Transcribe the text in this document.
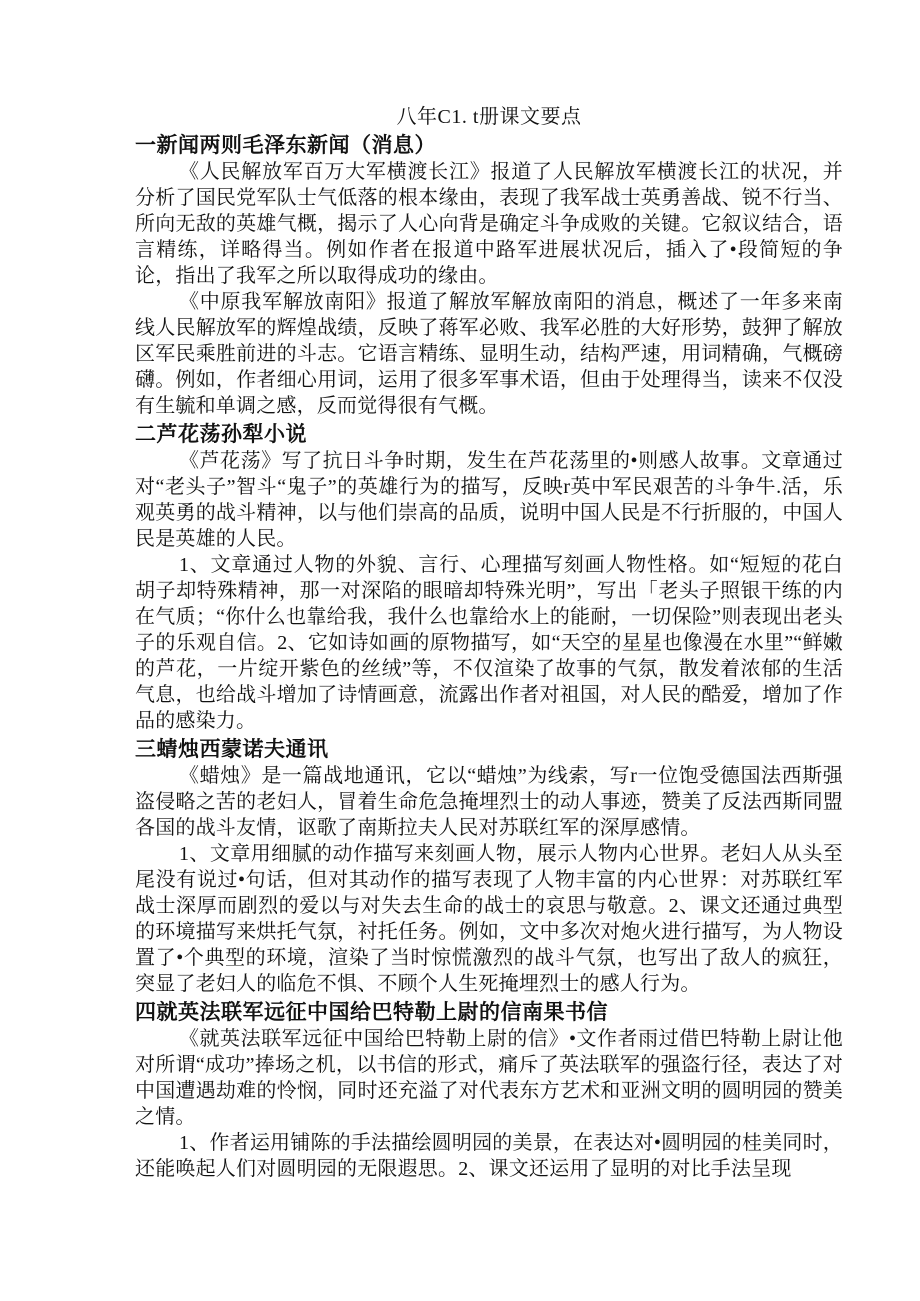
八年C1. t册课文要点
一新闻两则毛泽东新闻（消息）

《人民解放军百万大军横渡长江》报道了人民解放军横渡长江的状况，并分析了国民党军队士气低落的根本缘由，表现了我军战士英勇善战、锐不行当、所向无敌的英雄气概，揭示了人心向背是确定斗争成败的关键。它叙议结合，语言精练，详略得当。例如作者在报道中路军进展状况后，插入了•段简短的争论，指出了我军之所以取得成功的缘由。

《中原我军解放南阳》报道了解放军解放南阳的消息，概述了一年多来南线人民解放军的辉煌战绩，反映了蒋军必败、我军必胜的大好形势，鼓狎了解放区军民乘胜前进的斗志。它语言精练、显明生动，结构严速，用词精确，气概磅礴。例如，作者细心用词，运用了很多军事术语，但由于处理得当，读来不仅没有生毓和单调之感，反而觉得很有气概。

二芦花荡孙犁小说

《芦花荡》写了抗日斗争时期，发生在芦花荡里的•则感人故事。文章通过对“老头子”智斗“鬼子”的英雄行为的描写，反映r英中军民艰苦的斗争牛.活，乐观英勇的战斗精神，以与他们崇高的品质，说明中国人民是不行折服的，中国人民是英雄的人民。

1、文章通过人物的外貌、言行、心理描写刻画人物性格。如“短短的花白胡子却特殊精神，那一对深陷的眼暗却特殊光明”，写出「老头子照银干练的内在气质；“你什么也靠给我，我什么也靠给水上的能耐，一切保险”则表现出老头子的乐观自信。2、它如诗如画的原物描写，如“天空的星星也像漫在水里”“鲜嫩的芦花，一片绽开紫色的丝绒”等，不仅渲染了故事的气氛，散发着浓郁的生活气息，也给战斗增加了诗情画意，流露出作者对祖国，对人民的酷爱，增加了作品的感染力。

三蜻烛西蒙诺夫通讯

《蜡烛》是一篇战地通讯，它以“蜡烛”为线索，写r一位饱受德国法西斯强盗侵略之苦的老妇人，冒着生命危急掩埋烈士的动人事迹，赞美了反法西斯同盟各国的战斗友情，讴歌了南斯拉夫人民对苏联红军的深厚感情。

1、文章用细腻的动作描写来刻画人物，展示人物内心世界。老妇人从头至尾没有说过•句话，但对其动作的描写表现了人物丰富的内心世界：对苏联红军战士深厚而剧烈的爱以与对失去生命的战士的哀思与敬意。2、课文还通过典型的环境描写来烘托气氛，衬托任务。例如，文中多次对炮火进行描写，为人物设置了•个典型的环境，渲染了当时惊慌激烈的战斗气氛，也写出了敌人的疯狂，突显了老妇人的临危不惧、不顾个人生死掩埋烈士的感人行为。

四就英法联军远征中国给巴特勒上尉的信南果书信

《就英法联军远征中国给巴特勒上尉的信》•文作者雨过借巴特勒上尉让他对所谓“成功”捧场之机，以书信的形式，痛斥了英法联军的强盗行径，表达了对中国遭遇劫难的怜悯，同时还充溢了对代表东方艺术和亚洲文明的圆明园的赞美之情。

1、作者运用铺陈的手法描绘圆明园的美景，在表达对•圆明园的桂美同时，还能唤起人们对圆明园的无限遐思。2、课文还运用了显明的对比手法呈现
